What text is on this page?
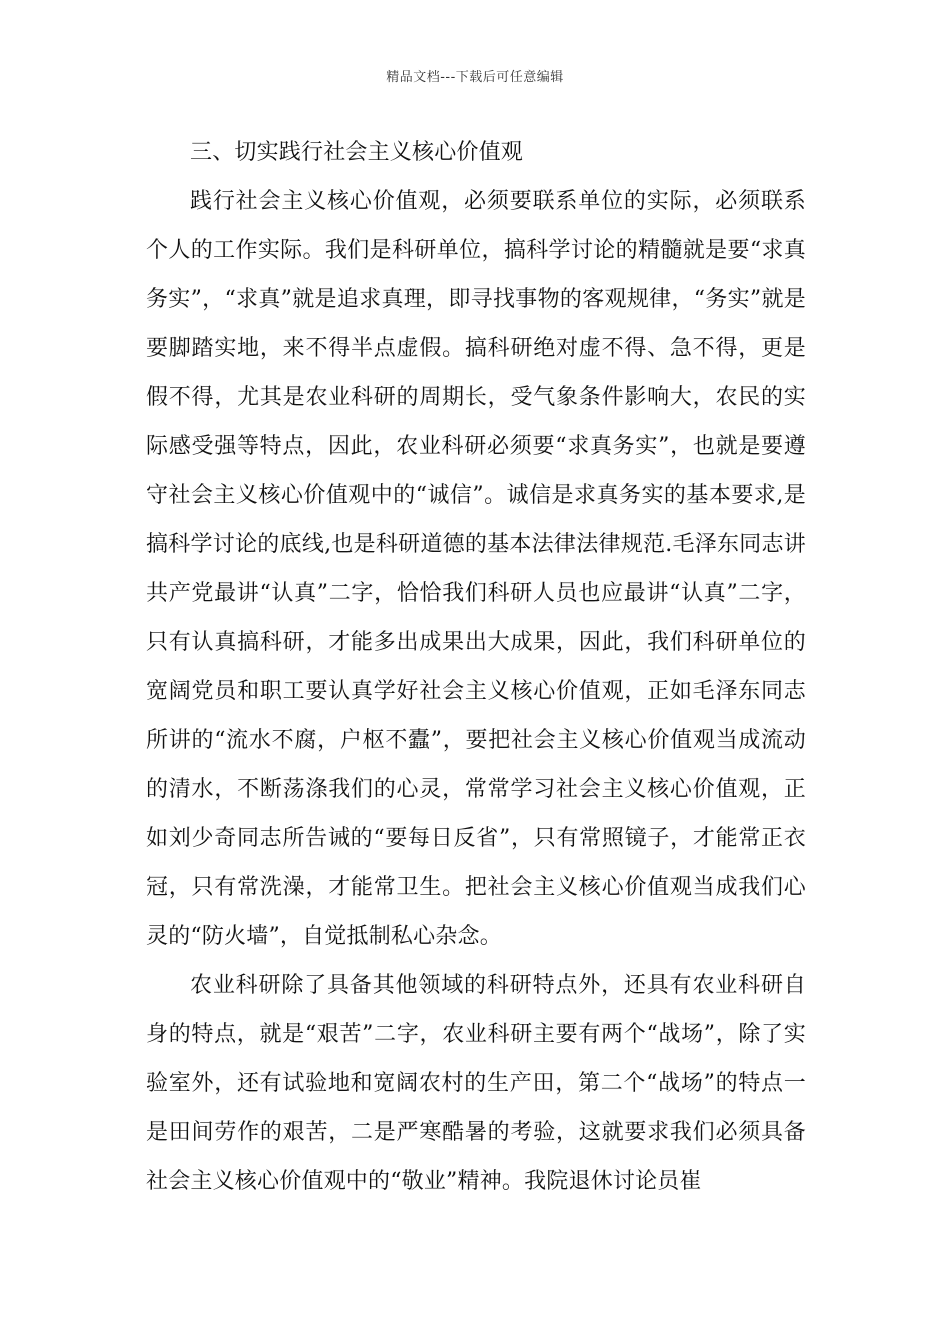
精品文档---下载后可任意编辑
三、切实践行社会主义核心价值观

践行社会主义核心价值观，必须要联系单位的实际，必须联系个人的工作实际。我们是科研单位，搞科学讨论的精髓就是要“求真务实”，“求真”就是追求真理，即寻找事物的客观规律，“务实”就是要脚踏实地，来不得半点虚假。搞科研绝对虚不得、急不得，更是假不得，尤其是农业科研的周期长，受气象条件影响大，农民的实际感受强等特点，因此，农业科研必须要“求真务实”，也就是要遵守社会主义核心价值观中的“诚信”。诚信是求真务实的基本要求,是搞科学讨论的底线,也是科研道德的基本法律法律规范.毛泽东同志讲共产党最讲“认真”二字，恰恰我们科研人员也应最讲“认真”二字，只有认真搞科研，才能多出成果出大成果，因此，我们科研单位的宽阔党员和职工要认真学好社会主义核心价值观，正如毛泽东同志所讲的“流水不腐，户枢不蠹”，要把社会主义核心价值观当成流动的清水，不断荡涤我们的心灵，常常学习社会主义核心价值观，正如刘少奇同志所告诫的“要每日反省”，只有常照镜子，才能常正衣冠，只有常洗澡，才能常卫生。把社会主义核心价值观当成我们心灵的“防火墙”，自觉抵制私心杂念。

农业科研除了具备其他领域的科研特点外，还具有农业科研自身的特点，就是“艰苦”二字，农业科研主要有两个“战场”，除了实验室外，还有试验地和宽阔农村的生产田，第二个“战场”的特点一是田间劳作的艰苦，二是严寒酷暑的考验，这就要求我们必须具备社会主义核心价值观中的“敬业”精神。我院退休讨论员崔
